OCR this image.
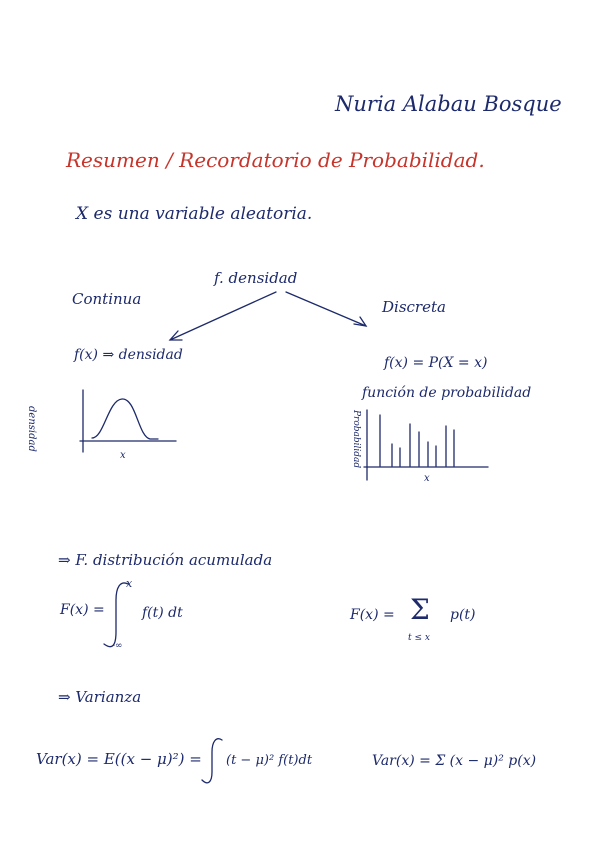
Nuria Alabau Bosque
Resumen / Recordatorio de Probabilidad.
X es una variable aleatoria.
f. densidad
Continua	Discreta
f(x) ⇒ densidad	f(x) = P(X = x)
función de probabilidad
densidad
x	Probabilidad
x
⇒ F. distribución acumulada
F(x) =
x
-∞
f(t) dt	F(x) = Σ
t ≤ x
p(t)
⇒ Varianza
Var(x) = E((x − μ)²) = (t − μ)² f(t)dt	Var(x) = Σ (x − μ)² p(x)
